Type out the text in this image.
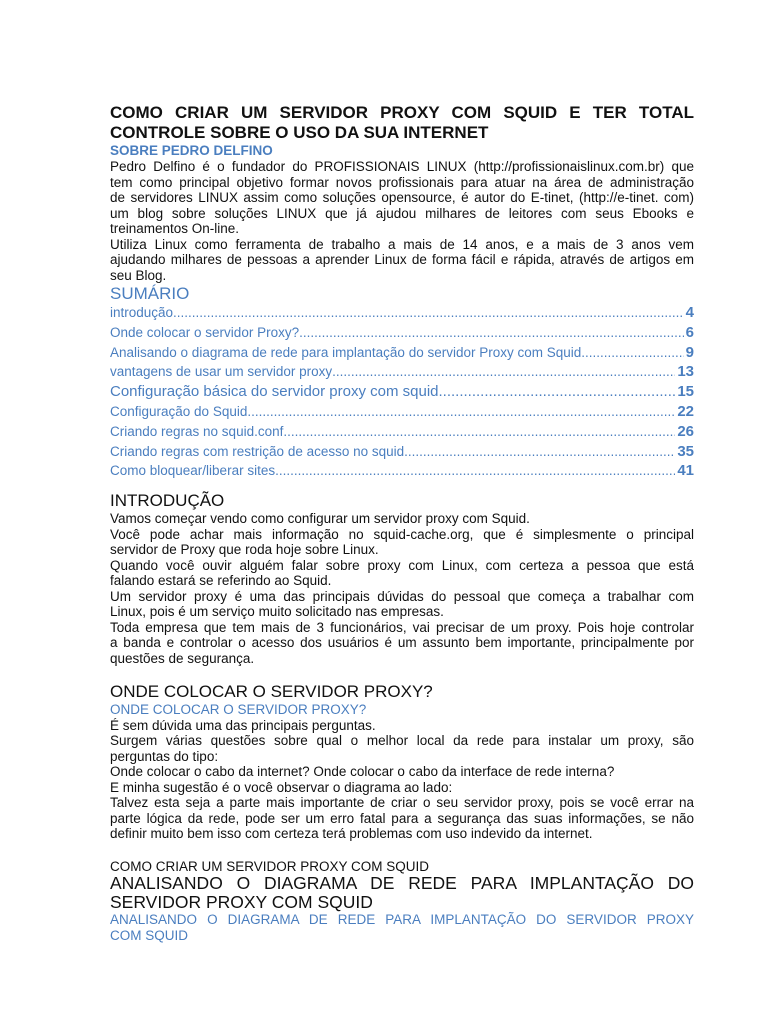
COMO CRIAR UM SERVIDOR PROXY COM SQUID E TER TOTAL

CONTROLE SOBRE O USO DA SUA INTERNET

SOBRE PEDRO DELFINO

Pedro Delfino é o fundador do PROFISSIONAIS LINUX (http://profissionaislinux.com.br) que

tem como principal objetivo formar novos profissionais para atuar na área de administração

de servidores LINUX assim como soluções opensource, é autor do E-tinet, (http://e-tinet. com)

um blog sobre soluções LINUX que já ajudou milhares de leitores com seus Ebooks e

treinamentos On-line.

Utiliza Linux como ferramenta de trabalho a mais de 14 anos, e a mais de 3 anos vem

ajudando milhares de pessoas a aprender Linux de forma fácil e rápida, através de artigos em

seu Blog.

SUMÁRIO

introdução .....	4
Onde colocar o servidor Proxy? .....	6
Analisando o diagrama de rede para implantação do servidor Proxy com Squid .....	9
vantagens de usar um servidor proxy .....	13
Configuração básica do servidor proxy com squid .....	15
Configuração do Squid .....	22
Criando regras no squid.conf .....	26
Criando regras com restrição de acesso no squid .....	35
Como bloquear/liberar sites .....	41

INTRODUÇÃO

Vamos começar vendo como configurar um servidor proxy com Squid.

Você pode achar mais informação no squid-cache.org, que é simplesmente o principal

servidor de Proxy que roda hoje sobre Linux.

Quando você ouvir alguém falar sobre proxy com Linux, com certeza a pessoa que está

falando estará se referindo ao Squid.

Um servidor proxy é uma das principais dúvidas do pessoal que começa a trabalhar com

Linux, pois é um serviço muito solicitado nas empresas.

Toda empresa que tem mais de 3 funcionários, vai precisar de um proxy. Pois hoje controlar

a banda e controlar o acesso dos usuários é um assunto bem importante, principalmente por

questões de segurança.

ONDE COLOCAR O SERVIDOR PROXY?

ONDE COLOCAR O SERVIDOR PROXY?

É sem dúvida uma das principais perguntas.

Surgem várias questões sobre qual o melhor local da rede para instalar um proxy, são

perguntas do tipo:

Onde colocar o cabo da internet? Onde colocar o cabo da interface de rede interna?

E minha sugestão é o você observar o diagrama ao lado:

Talvez esta seja a parte mais importante de criar o seu servidor proxy, pois se você errar na

parte lógica da rede, pode ser um erro fatal para a segurança das suas informações, se não

definir muito bem isso com certeza terá problemas com uso indevido da internet.

COMO CRIAR UM SERVIDOR PROXY COM SQUID

ANALISANDO O DIAGRAMA DE REDE PARA IMPLANTAÇÃO DO

SERVIDOR PROXY COM SQUID

ANALISANDO O DIAGRAMA DE REDE PARA IMPLANTAÇÃO DO SERVIDOR PROXY

COM SQUID
